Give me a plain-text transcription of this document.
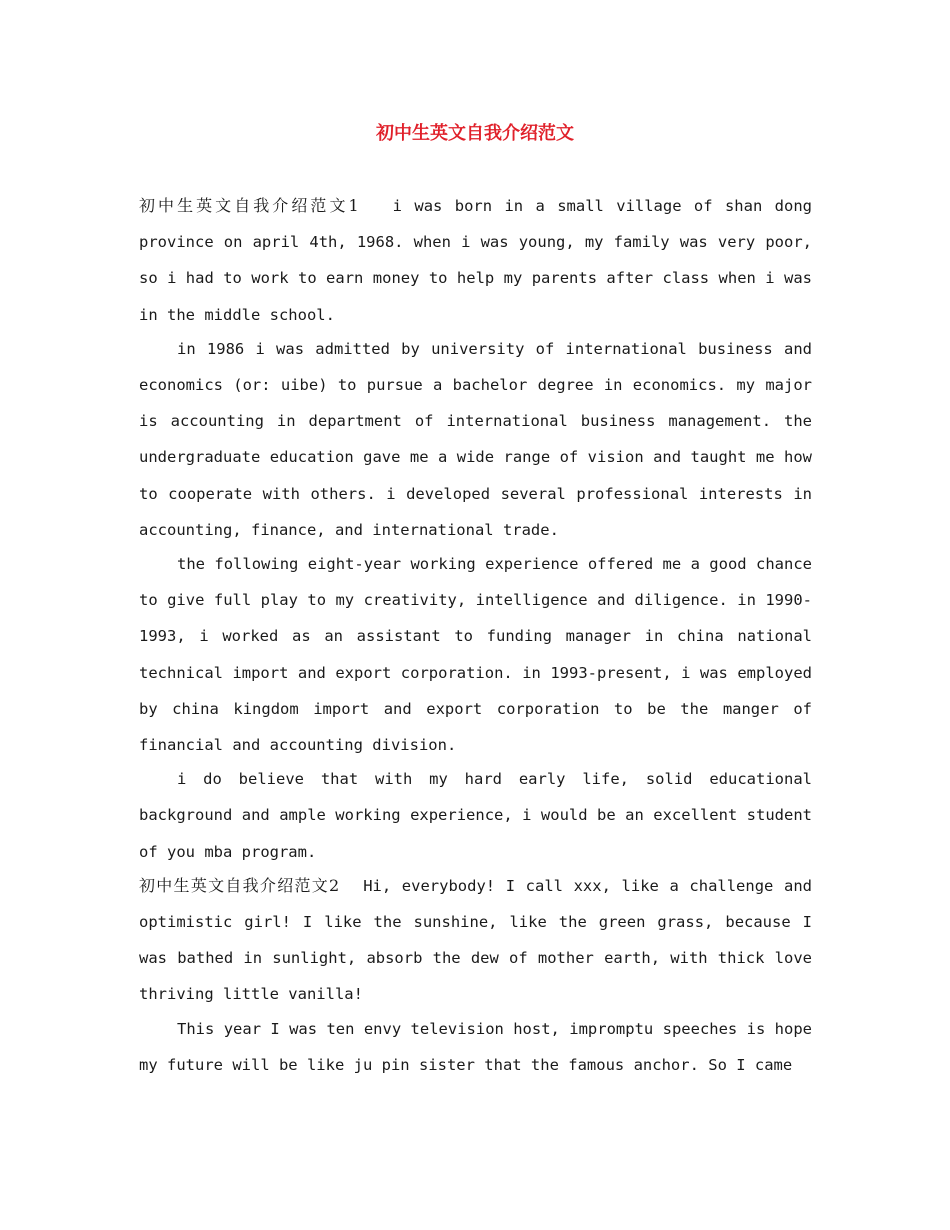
初中生英文自我介绍范文

初中生英文自我介绍范文1 i was born in a small village of shan dong province on april 4th, 1968. when i was young, my family was very poor, so i had to work to earn money to help my parents after class when i was in the middle school.

in 1986 i was admitted by university of international business and economics (or: uibe) to pursue a bachelor degree in economics. my major is accounting in department of international business management. the undergraduate education gave me a wide range of vision and taught me how to cooperate with others. i developed several professional interests in accounting, finance, and international trade.

the following eight-year working experience offered me a good chance to give full play to my creativity, intelligence and diligence. in 1990-1993, i worked as an assistant to funding manager in china national technical import and export corporation. in 1993-present, i was employed by china kingdom import and export corporation to be the manger of financial and accounting division.

i do believe that with my hard early life, solid educational background and ample working experience, i would be an excellent student of you mba program.

初中生英文自我介绍范文2 Hi, everybody! I call xxx, like a challenge and optimistic girl! I like the sunshine, like the green grass, because I was bathed in sunlight, absorb the dew of mother earth, with thick love thriving little vanilla!

This year I was ten envy television host, impromptu speeches is hope my future will be like ju pin sister that the famous anchor. So I came
